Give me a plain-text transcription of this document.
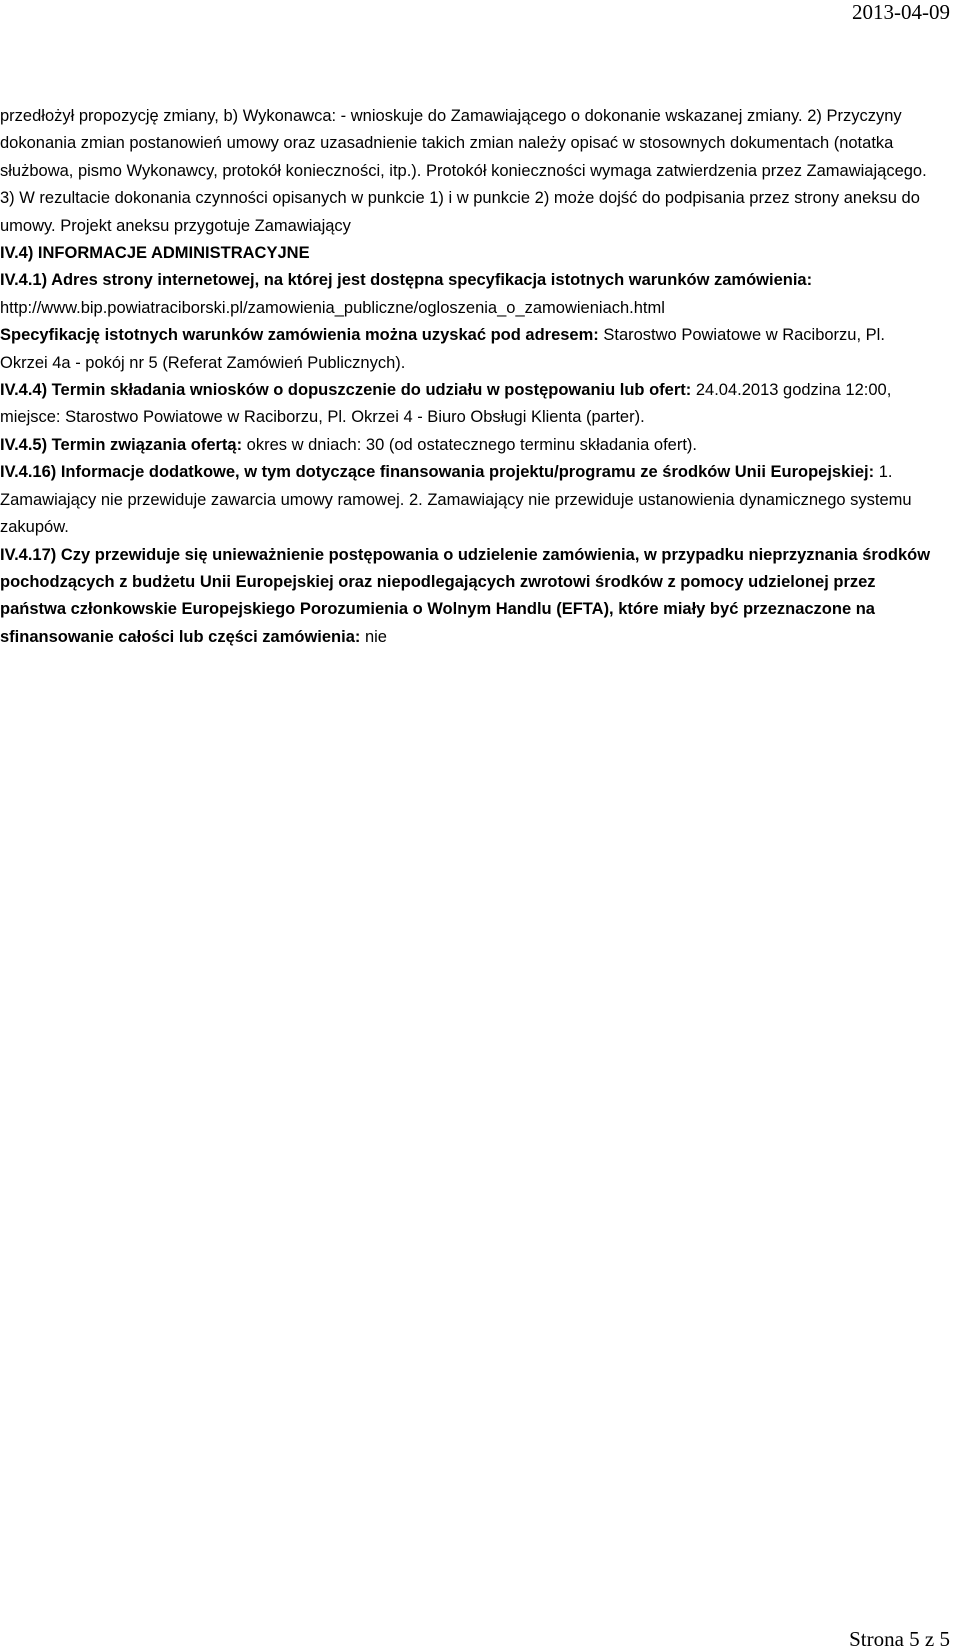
2013-04-09

przedłożył propozycję zmiany, b) Wykonawca: - wnioskuje do Zamawiającego o dokonanie wskazanej zmiany. 2) Przyczyny dokonania zmian postanowień umowy oraz uzasadnienie takich zmian należy opisać w stosownych dokumentach (notatka służbowa, pismo Wykonawcy, protokół konieczności, itp.). Protokół konieczności wymaga zatwierdzenia przez Zamawiającego. 3) W rezultacie dokonania czynności opisanych w punkcie 1) i w punkcie 2) może dojść do podpisania przez strony aneksu do umowy. Projekt aneksu przygotuje Zamawiający

IV.4) INFORMACJE ADMINISTRACYJNE

IV.4.1) Adres strony internetowej, na której jest dostępna specyfikacja istotnych warunków zamówienia: http://www.bip.powiatraciborski.pl/zamowienia_publiczne/ogloszenia_o_zamowieniach.html

Specyfikację istotnych warunków zamówienia można uzyskać pod adresem: Starostwo Powiatowe w Raciborzu, Pl. Okrzei 4a - pokój nr 5 (Referat Zamówień Publicznych).

IV.4.4) Termin składania wniosków o dopuszczenie do udziału w postępowaniu lub ofert: 24.04.2013 godzina 12:00, miejsce: Starostwo Powiatowe w Raciborzu, Pl. Okrzei 4 - Biuro Obsługi Klienta (parter).

IV.4.5) Termin związania ofertą: okres w dniach: 30 (od ostatecznego terminu składania ofert).

IV.4.16) Informacje dodatkowe, w tym dotyczące finansowania projektu/programu ze środków Unii Europejskiej: 1. Zamawiający nie przewiduje zawarcia umowy ramowej. 2. Zamawiający nie przewiduje ustanowienia dynamicznego systemu zakupów.

IV.4.17) Czy przewiduje się unieważnienie postępowania o udzielenie zamówienia, w przypadku nieprzyznania środków pochodzących z budżetu Unii Europejskiej oraz niepodlegających zwrotowi środków z pomocy udzielonej przez państwa członkowskie Europejskiego Porozumienia o Wolnym Handlu (EFTA), które miały być przeznaczone na sfinansowanie całości lub części zamówienia: nie

Strona 5 z 5
